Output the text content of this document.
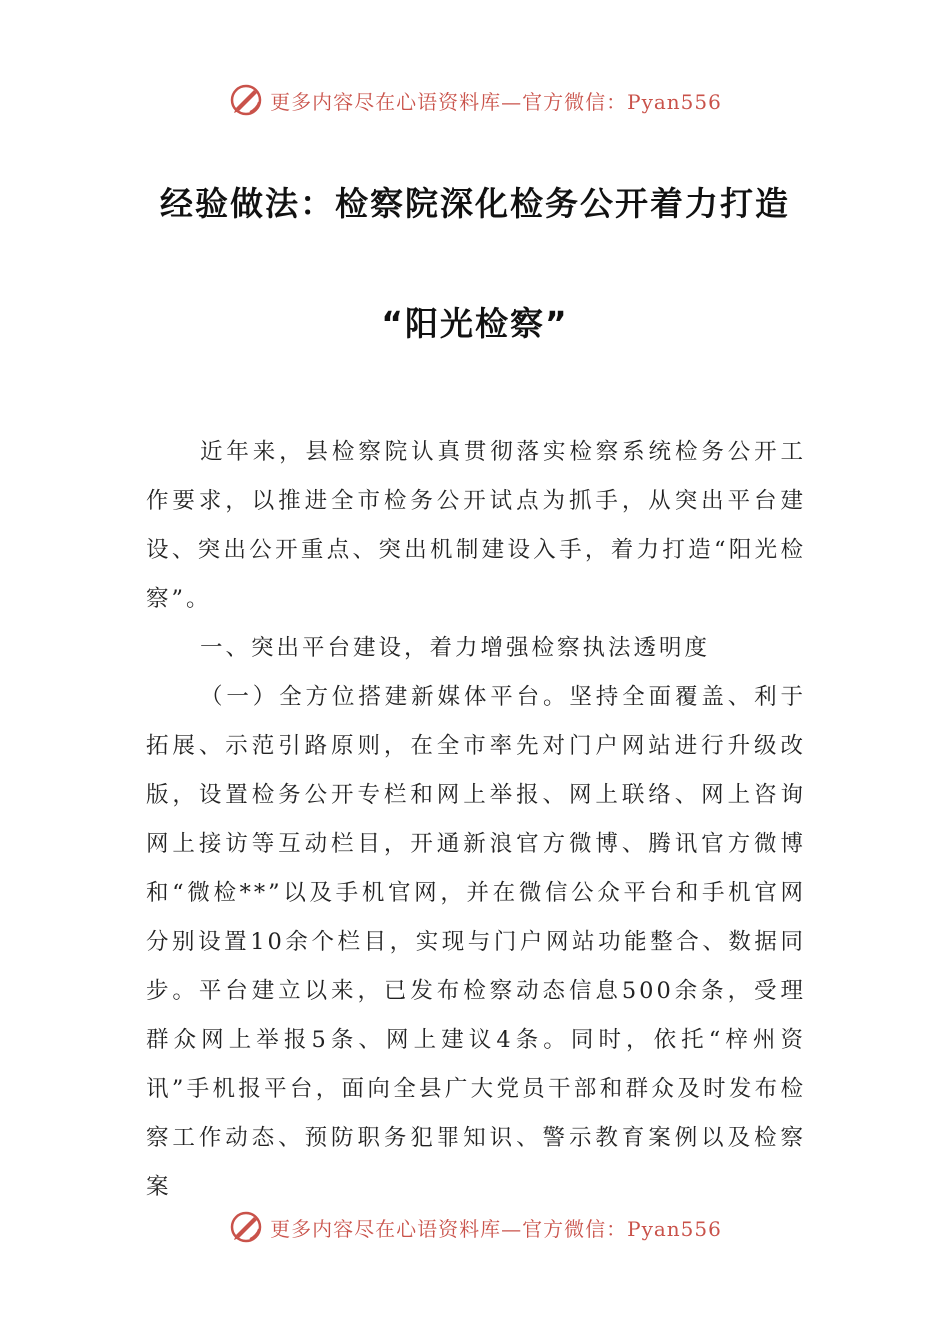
更多内容尽在心语资料库—官方微信：Pyan556
经验做法：检察院深化检务公开着力打造
“阳光检察”

近年来，县检察院认真贯彻落实检察系统检务公开工作要求，以推进全市检务公开试点为抓手，从突出平台建设、突出公开重点、突出机制建设入手，着力打造“阳光检察”。

一、突出平台建设，着力增强检察执法透明度

（一）全方位搭建新媒体平台。坚持全面覆盖、利于拓展、示范引路原则，在全市率先对门户网站进行升级改版，设置检务公开专栏和网上举报、网上联络、网上咨询网上接访等互动栏目，开通新浪官方微博、腾讯官方微博和“微检**”以及手机官网，并在微信公众平台和手机官网分别设置10余个栏目，实现与门户网站功能整合、数据同步。平台建立以来，已发布检察动态信息500余条，受理群众网上举报5条、网上建议4条。同时，依托“梓州资讯”手机报平台，面向全县广大党员干部和群众及时发布检察工作动态、预防职务犯罪知识、警示教育案例以及检察案

更多内容尽在心语资料库—官方微信：Pyan556
